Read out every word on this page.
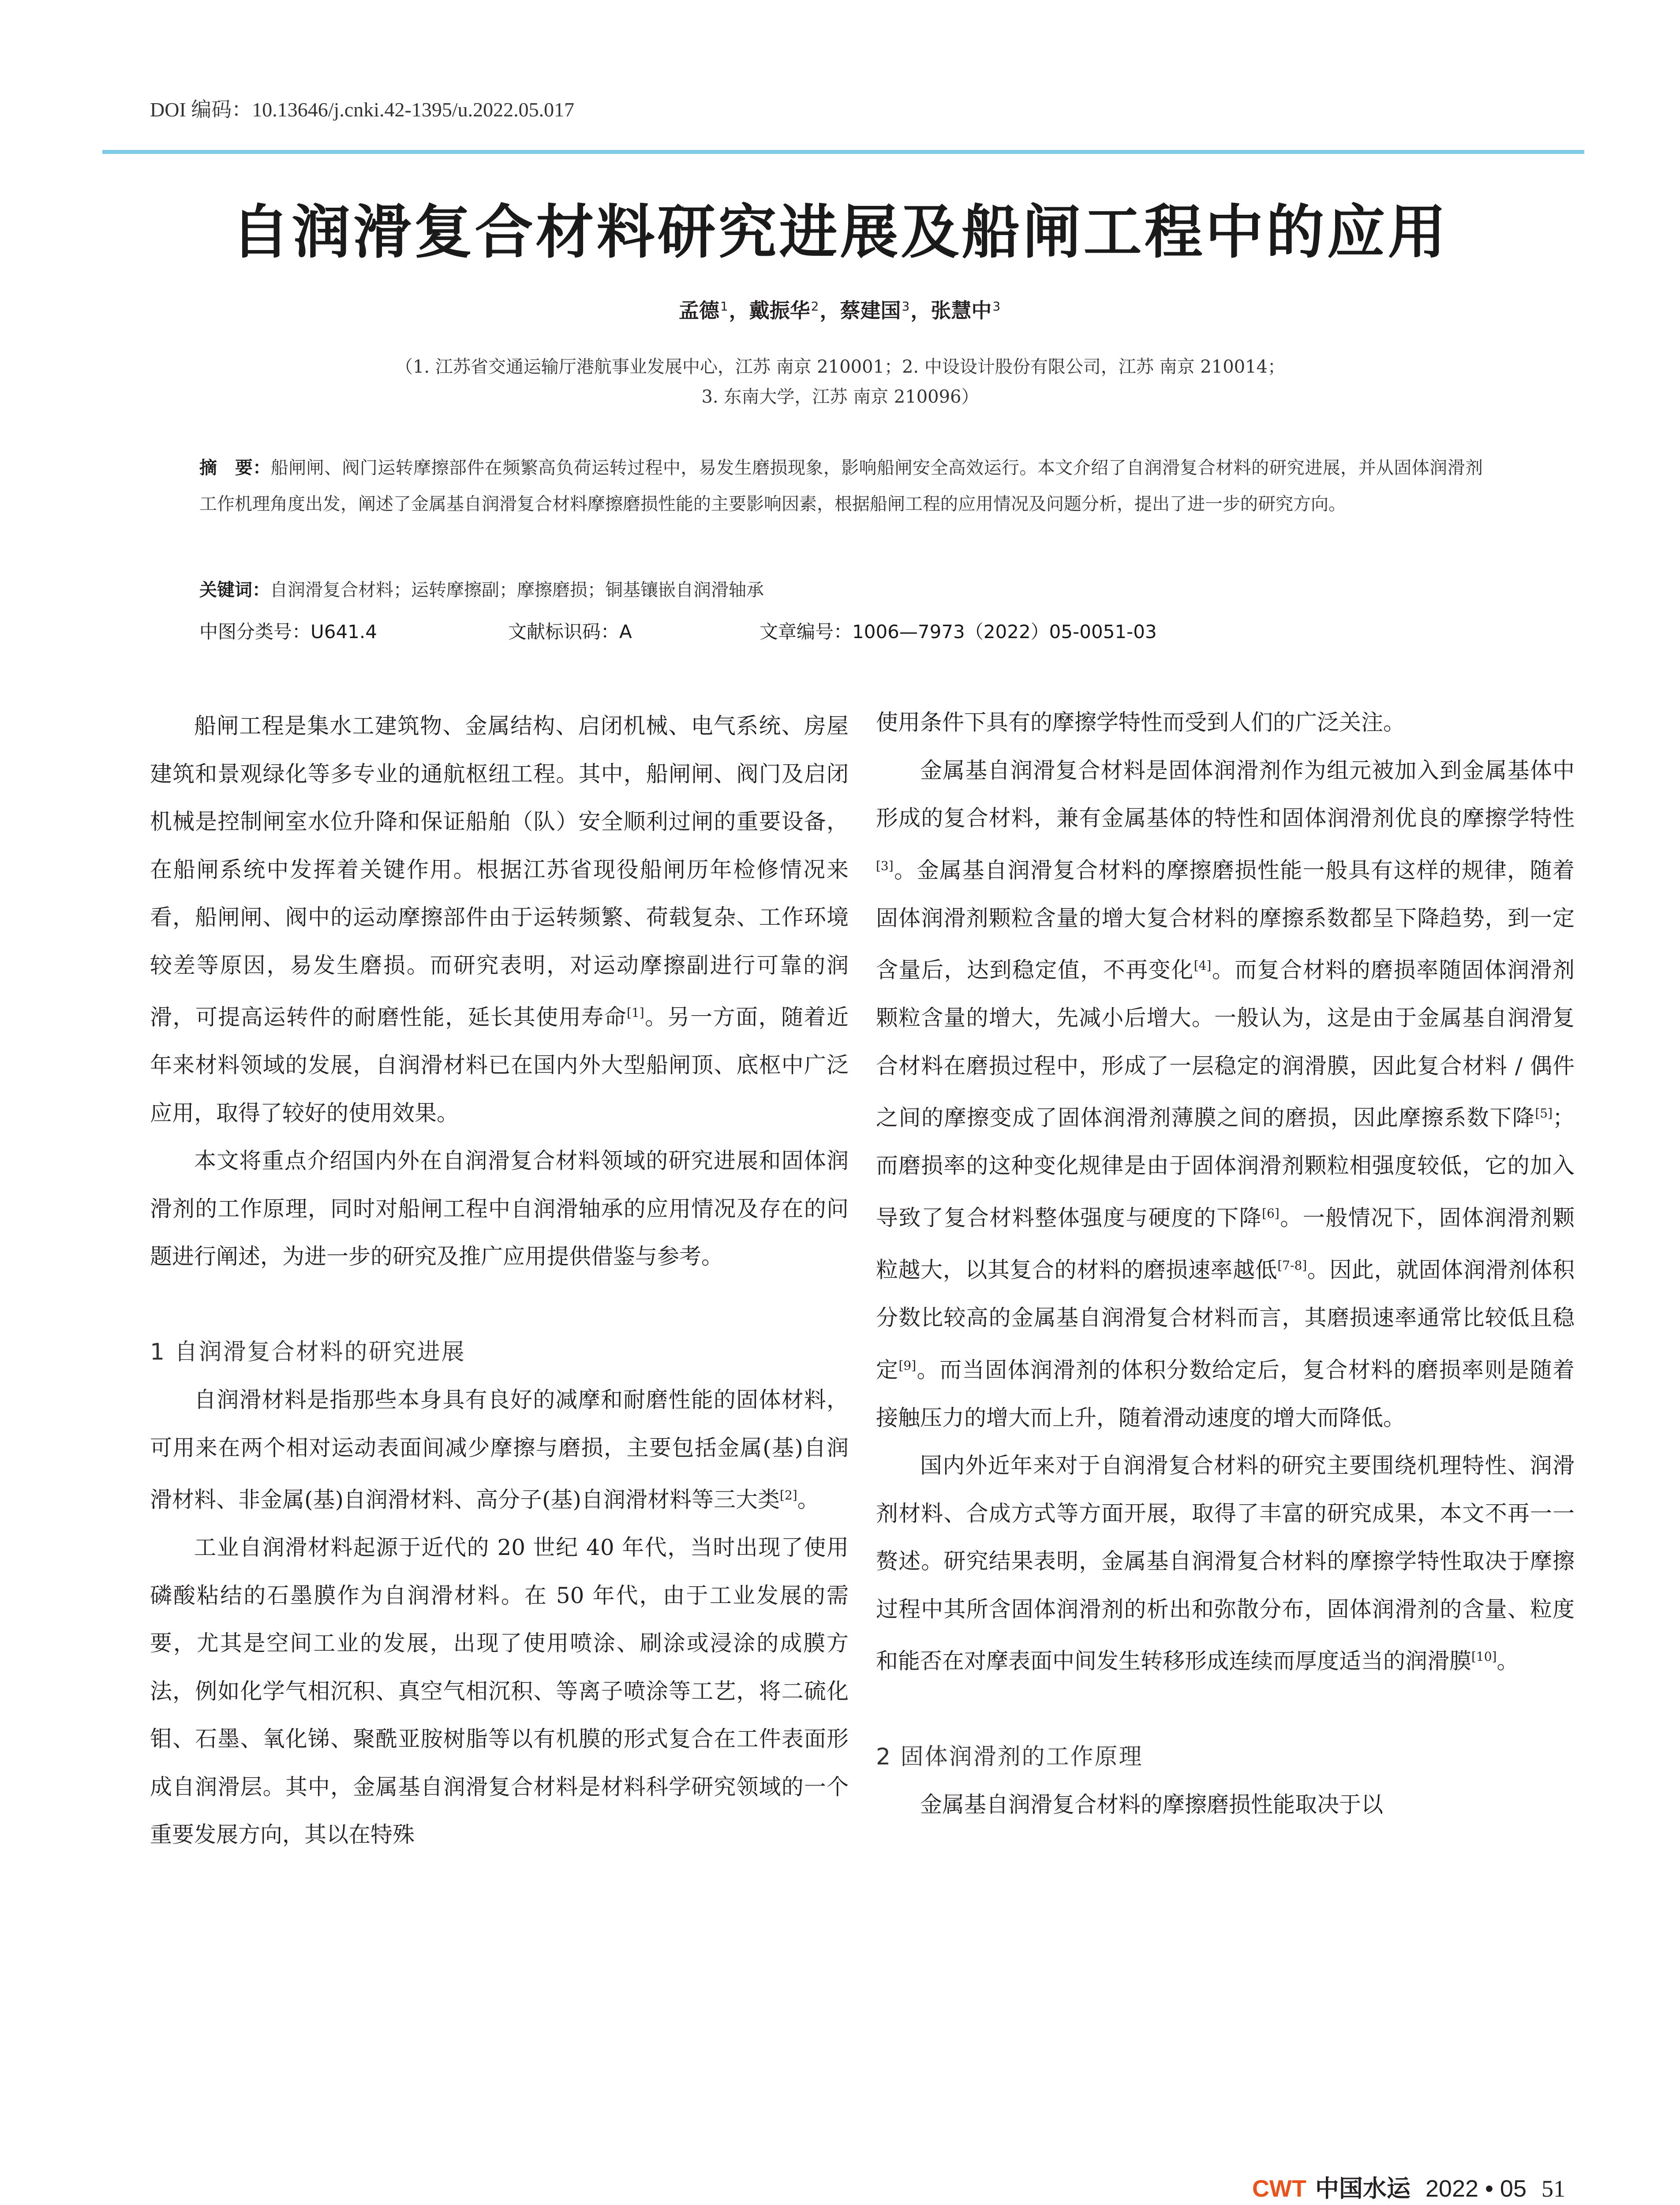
DOI 编码：10.13646/j.cnki.42-1395/u.2022.05.017
自润滑复合材料研究进展及船闸工程中的应用
孟德$^1$，戴振华$^2$，蔡建国$^3$，张慧中$^3$
（1. 江苏省交通运输厅港航事业发展中心，江苏 南京 210001；2. 中设设计股份有限公司，江苏 南京 210014；
3. 东南大学，江苏 南京 210096）
摘　要：船闸闸、阀门运转摩擦部件在频繁高负荷运转过程中，易发生磨损现象，影响船闸安全高效运行。本文介绍了自润滑复合材料的研究进展，并从固体润滑剂工作机理角度出发，阐述了金属基自润滑复合材料摩擦磨损性能的主要影响因素，根据船闸工程的应用情况及问题分析，提出了进一步的研究方向。
关键词：自润滑复合材料；运转摩擦副；摩擦磨损；铜基镶嵌自润滑轴承
中图分类号：U641.4	文献标识码：A	文章编号：1006—7973（2022）05-0051-03

船闸工程是集水工建筑物、金属结构、启闭机械、电气系统、房屋建筑和景观绿化等多专业的通航枢纽工程。其中，船闸闸、阀门及启闭机械是控制闸室水位升降和保证船舶（队）安全顺利过闸的重要设备，在船闸系统中发挥着关键作用。根据江苏省现役船闸历年检修情况来看，船闸闸、阀中的运动摩擦部件由于运转频繁、荷载复杂、工作环境较差等原因，易发生磨损。而研究表明，对运动摩擦副进行可靠的润滑，可提高运转件的耐磨性能，延长其使用寿命[1]。另一方面，随着近年来材料领域的发展，自润滑材料已在国内外大型船闸顶、底枢中广泛应用，取得了较好的使用效果。

本文将重点介绍国内外在自润滑复合材料领域的研究进展和固体润滑剂的工作原理，同时对船闸工程中自润滑轴承的应用情况及存在的问题进行阐述，为进一步的研究及推广应用提供借鉴与参考。

1 自润滑复合材料的研究进展

自润滑材料是指那些本身具有良好的减摩和耐磨性能的固体材料，可用来在两个相对运动表面间减少摩擦与磨损，主要包括金属(基)自润滑材料、非金属(基)自润滑材料、高分子(基)自润滑材料等三大类[2]。

工业自润滑材料起源于近代的 20 世纪 40 年代，当时出现了使用磷酸粘结的石墨膜作为自润滑材料。在 50 年代，由于工业发展的需要，尤其是空间工业的发展，出现了使用喷涂、刷涂或浸涂的成膜方法，例如化学气相沉积、真空气相沉积、等离子喷涂等工艺，将二硫化钼、石墨、氧化锑、聚酰亚胺树脂等以有机膜的形式复合在工件表面形成自润滑层。其中，金属基自润滑复合材料是材料科学研究领域的一个重要发展方向，其以在特殊

使用条件下具有的摩擦学特性而受到人们的广泛关注。

金属基自润滑复合材料是固体润滑剂作为组元被加入到金属基体中形成的复合材料，兼有金属基体的特性和固体润滑剂优良的摩擦学特性[3]。金属基自润滑复合材料的摩擦磨损性能一般具有这样的规律，随着固体润滑剂颗粒含量的增大复合材料的摩擦系数都呈下降趋势，到一定含量后，达到稳定值，不再变化[4]。而复合材料的磨损率随固体润滑剂颗粒含量的增大，先减小后增大。一般认为，这是由于金属基自润滑复合材料在磨损过程中，形成了一层稳定的润滑膜，因此复合材料 / 偶件之间的摩擦变成了固体润滑剂薄膜之间的磨损，因此摩擦系数下降[5]；而磨损率的这种变化规律是由于固体润滑剂颗粒相强度较低，它的加入导致了复合材料整体强度与硬度的下降[6]。一般情况下，固体润滑剂颗粒越大，以其复合的材料的磨损速率越低[7-8]。因此，就固体润滑剂体积分数比较高的金属基自润滑复合材料而言，其磨损速率通常比较低且稳定[9]。而当固体润滑剂的体积分数给定后，复合材料的磨损率则是随着接触压力的增大而上升，随着滑动速度的增大而降低。

国内外近年来对于自润滑复合材料的研究主要围绕机理特性、润滑剂材料、合成方式等方面开展，取得了丰富的研究成果，本文不再一一赘述。研究结果表明，金属基自润滑复合材料的摩擦学特性取决于摩擦过程中其所含固体润滑剂的析出和弥散分布，固体润滑剂的含量、粒度和能否在对摩表面中间发生转移形成连续而厚度适当的润滑膜[10]。

2 固体润滑剂的工作原理

金属基自润滑复合材料的摩擦磨损性能取决于以

CWT 中国水运 2022 • 05 51
